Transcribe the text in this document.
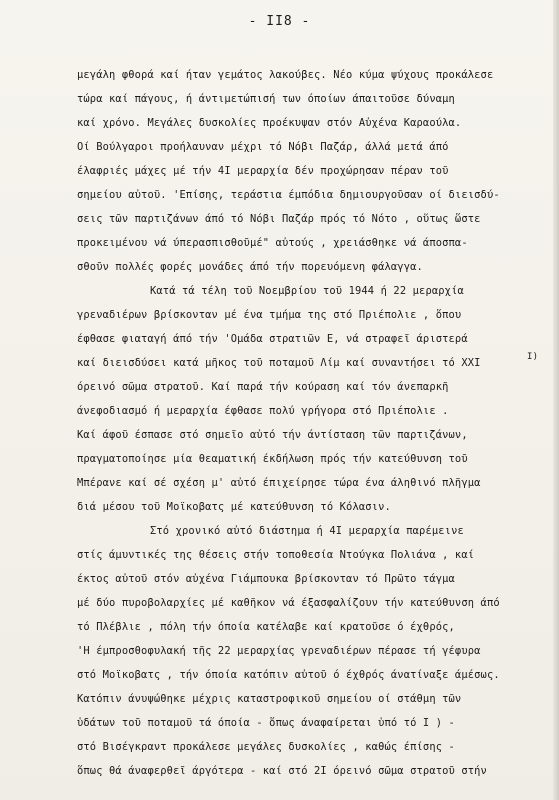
- II8 -
μεγάλη φθορά καί ήταν γεμάτος λακούβες. Νέο κύμα ψύχους προκάλεσε
τώρα καί πάγους, ή άντιμετώπισή των όποίων άπαιτοῦσε δύναμη
καί χρόνο. Μεγάλες δυσκολίες προέκυψαν στόν Αὐχένα Καραούλα.
Οί Βούλγαροι προήλαυναν μέχρι τό Νόβι Παζάρ, άλλά μετά άπό
έλαφριές μάχες μέ τήν 4Ι μεραρχία δέν προχώρησαν πέραν τοῦ
σημείου αὐτοῦ. 'Επίσης, τεράστια έμπόδια δημιουργοῦσαν οί διεισδύ-
σεις τῶν παρτιζάνων άπό τό Νόβι Παζάρ πρός τό Νότο , οὕτως ὥστε
προκειμένου νά ύπερασπισθοῦμέ" αὐτούς , χρειάσθηκε νά άποσπα-
σθοῦν πολλές φορές μονάδες άπό τήν πορευόμενη φάλαγγα.
Κατά τά τέλη τοῦ Νοεμβρίου τοῦ 1944 ή 22 μεραρχία
γρεναδιέρων βρίσκονταν μέ ένα τμήμα της στό Πριέπολιε , ὅπου
έφθασε φιαταγή άπό τήν 'Ομάδα στρατιῶν Ε, νά στραφεῖ άριστερά
καί διεισδύσει κατά μῆκος τοῦ ποταμοῦ Λίμ καί συναντήσει τό XXI	I)
όρεινό σῶμα στρατοῦ. Καί παρά τήν κούραση καί τόν άνεπαρκῆ
άνεφοδιασμό ή μεραρχία έφθασε πολύ γρήγορα στό Πριέπολιε .
Καί άφοῦ έσπασε στό σημεῖο αὐτό τήν άντίσταση τῶν παρτιζάνων,
πραγματοποίησε μία θεαματική έκδήλωση πρός τήν κατεύθυνση τοῦ
Μπέρανε καί σέ σχέση μ' αὐτό έπιχείρησε τώρα ένα άληθινό πλῆγμα
διά μέσου τοῦ Μοϊκοβατς μέ κατεύθυνση τό Κόλασιν.
Στό χρονικό αὐτό διάστημα ή 4Ι μεραρχία παρέμεινε
στίς άμυντικές της θέσεις στήν τοποθεσία Ντούγκα Πολιάνα , καί
έκτος αὐτοῦ στόν αὐχένα Γιάμπουκα βρίσκονταν τό Πρῶτο τάγμα
μέ δύο πυροβολαρχίες μέ καθῆκον νά έξασφαλίζουν τήν κατεύθυνση άπό
τό Πλέβλιε , πόλη τήν όποία κατέλαβε καί κρατοῦσε ό έχθρός,
'Η έμπροσθοφυλακή τῆς 22 μεραρχίας γρεναδιέρων πέρασε τή γέφυρα
στό Μοϊκοβατς , τήν όποία κατόπιν αὐτοῦ ό έχθρός άνατίναξε άμέσως.
Κατόπιν άνυψώθηκε μέχρις καταστροφικοῦ σημείου οί στάθμη τῶν
ὑδάτων τοῦ ποταμοῦ τά όποία - ὅπως άναφαίρεται ὑπό τό Ι ) -
στό Βισέγκραντ προκάλεσε μεγάλες δυσκολίες , καθώς έπίσης -
ὅπως θά άναφερθεῖ άργότερα - καί στό 2Ι όρεινό σῶμα στρατοῦ στήν
